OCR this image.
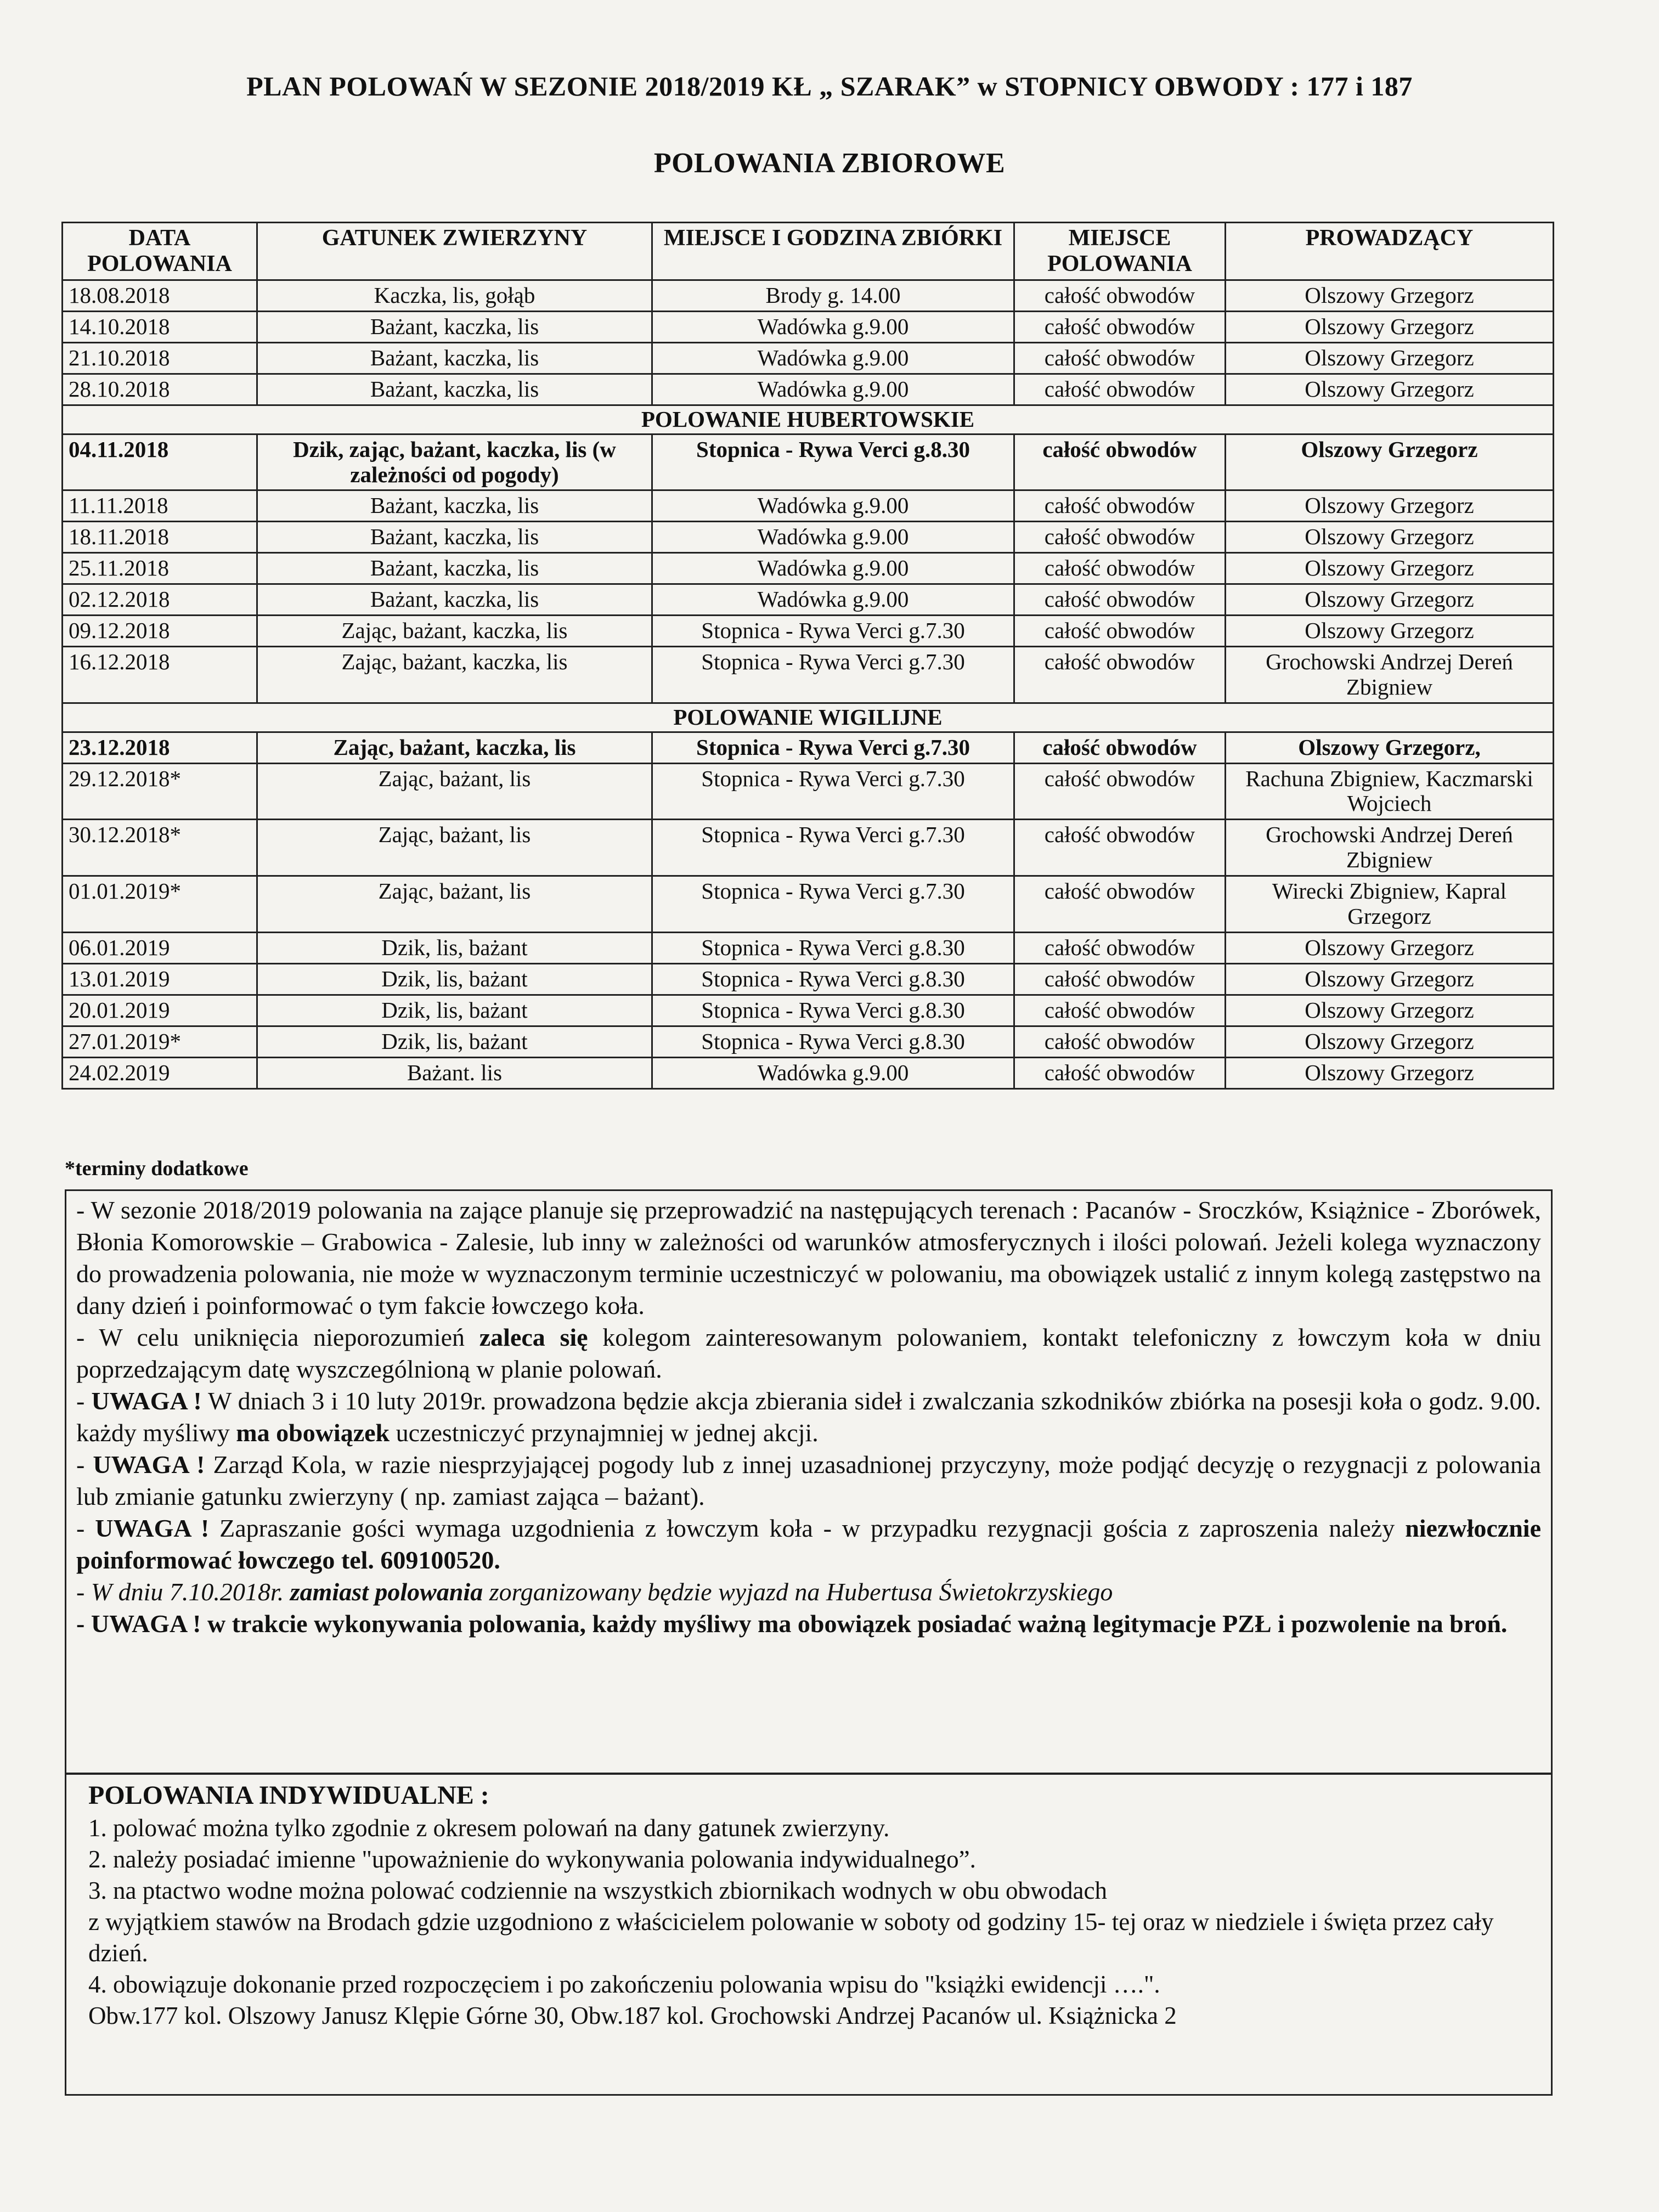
PLAN POLOWAŃ W SEZONIE 2018/2019 KŁ „ SZARAK” w STOPNICY OBWODY : 177 i 187
POLOWANIA ZBIOROWE
DATA POLOWANIA	GATUNEK ZWIERZYNY	MIEJSCE I GODZINA ZBIÓRKI	MIEJSCE POLOWANIA	PROWADZĄCY
18.08.2018	Kaczka, lis, gołąb	Brody g. 14.00	całość obwodów	Olszowy Grzegorz
14.10.2018	Bażant, kaczka, lis	Wadówka g.9.00	całość obwodów	Olszowy Grzegorz
21.10.2018	Bażant, kaczka, lis	Wadówka g.9.00	całość obwodów	Olszowy Grzegorz
28.10.2018	Bażant, kaczka, lis	Wadówka g.9.00	całość obwodów	Olszowy Grzegorz
POLOWANIE HUBERTOWSKIE				
04.11.2018	Dzik, zając, bażant, kaczka, lis (w zależności od pogody)	Stopnica - Rywa Verci g.8.30	całość obwodów	Olszowy Grzegorz
11.11.2018	Bażant, kaczka, lis	Wadówka g.9.00	całość obwodów	Olszowy Grzegorz
18.11.2018	Bażant, kaczka, lis	Wadówka g.9.00	całość obwodów	Olszowy Grzegorz
25.11.2018	Bażant, kaczka, lis	Wadówka g.9.00	całość obwodów	Olszowy Grzegorz
02.12.2018	Bażant, kaczka, lis	Wadówka g.9.00	całość obwodów	Olszowy Grzegorz
09.12.2018	Zając, bażant, kaczka, lis	Stopnica - Rywa Verci g.7.30	całość obwodów	Olszowy Grzegorz
16.12.2018	Zając, bażant, kaczka, lis	Stopnica - Rywa Verci g.7.30	całość obwodów	Grochowski Andrzej Dereń Zbigniew
POLOWANIE WIGILIJNE				
23.12.2018	Zając, bażant, kaczka, lis	Stopnica - Rywa Verci g.7.30	całość obwodów	Olszowy Grzegorz,
29.12.2018*	Zając, bażant, lis	Stopnica - Rywa Verci g.7.30	całość obwodów	Rachuna Zbigniew, Kaczmarski Wojciech
30.12.2018*	Zając, bażant, lis	Stopnica - Rywa Verci g.7.30	całość obwodów	Grochowski Andrzej Dereń Zbigniew
01.01.2019*	Zając, bażant, lis	Stopnica - Rywa Verci g.7.30	całość obwodów	Wirecki Zbigniew, Kapral Grzegorz
06.01.2019	Dzik, lis, bażant	Stopnica - Rywa Verci g.8.30	całość obwodów	Olszowy Grzegorz
13.01.2019	Dzik, lis, bażant	Stopnica - Rywa Verci g.8.30	całość obwodów	Olszowy Grzegorz
20.01.2019	Dzik, lis, bażant	Stopnica - Rywa Verci g.8.30	całość obwodów	Olszowy Grzegorz
27.01.2019*	Dzik, lis, bażant	Stopnica - Rywa Verci g.8.30	całość obwodów	Olszowy Grzegorz
24.02.2019	Bażant. lis	Wadówka g.9.00	całość obwodów	Olszowy Grzegorz
*terminy dodatkowe

- W sezonie 2018/2019 polowania na zające planuje się przeprowadzić na następujących terenach : Pacanów - Sroczków, Książnice - Zborówek, Błonia Komorowskie – Grabowica - Zalesie, lub inny w zależności od warunków atmosferycznych i ilości polowań. Jeżeli kolega wyznaczony do prowadzenia polowania, nie może w wyznaczonym terminie uczestniczyć w polowaniu, ma obowiązek ustalić z innym kolegą zastępstwo na dany dzień i poinformować o tym fakcie łowczego koła.

- W celu uniknięcia nieporozumień zaleca się kolegom zainteresowanym polowaniem, kontakt telefoniczny z łowczym koła w dniu poprzedzającym datę wyszczególnioną w planie polowań.

- UWAGA ! W dniach 3 i 10 luty 2019r. prowadzona będzie akcja zbierania sideł i zwalczania szkodników zbiórka na posesji koła o godz. 9.00. każdy myśliwy ma obowiązek uczestniczyć przynajmniej w jednej akcji.

- UWAGA ! Zarząd Kola, w razie niesprzyjającej pogody lub z innej uzasadnionej przyczyny, może podjąć decyzję o rezygnacji z polowania lub zmianie gatunku zwierzyny ( np. zamiast zająca – bażant).

- UWAGA ! Zapraszanie gości wymaga uzgodnienia z łowczym koła - w przypadku rezygnacji gościa z zaproszenia należy niezwłocznie poinformować łowczego tel. 609100520.

- W dniu 7.10.2018r. zamiast polowania zorganizowany będzie wyjazd na Hubertusa Świetokrzyskiego

- UWAGA ! w trakcie wykonywania polowania, każdy myśliwy ma obowiązek posiadać ważną legitymacje PZŁ i pozwolenie na broń.

POLOWANIA INDYWIDUALNE :

1. polować można tylko zgodnie z okresem polowań na dany gatunek zwierzyny.

2. należy posiadać imienne "upoważnienie do wykonywania polowania indywidualnego”.

3. na ptactwo wodne można polować codziennie na wszystkich zbiornikach wodnych w obu obwodach

z wyjątkiem stawów na Brodach gdzie uzgodniono z właścicielem polowanie w soboty od godziny 15- tej oraz w niedziele i święta przez cały dzień.

4. obowiązuje dokonanie przed rozpoczęciem i po zakończeniu polowania wpisu do "książki ewidencji ….".

Obw.177 kol. Olszowy Janusz Klępie Górne 30, Obw.187 kol. Grochowski Andrzej Pacanów ul. Książnicka 2
